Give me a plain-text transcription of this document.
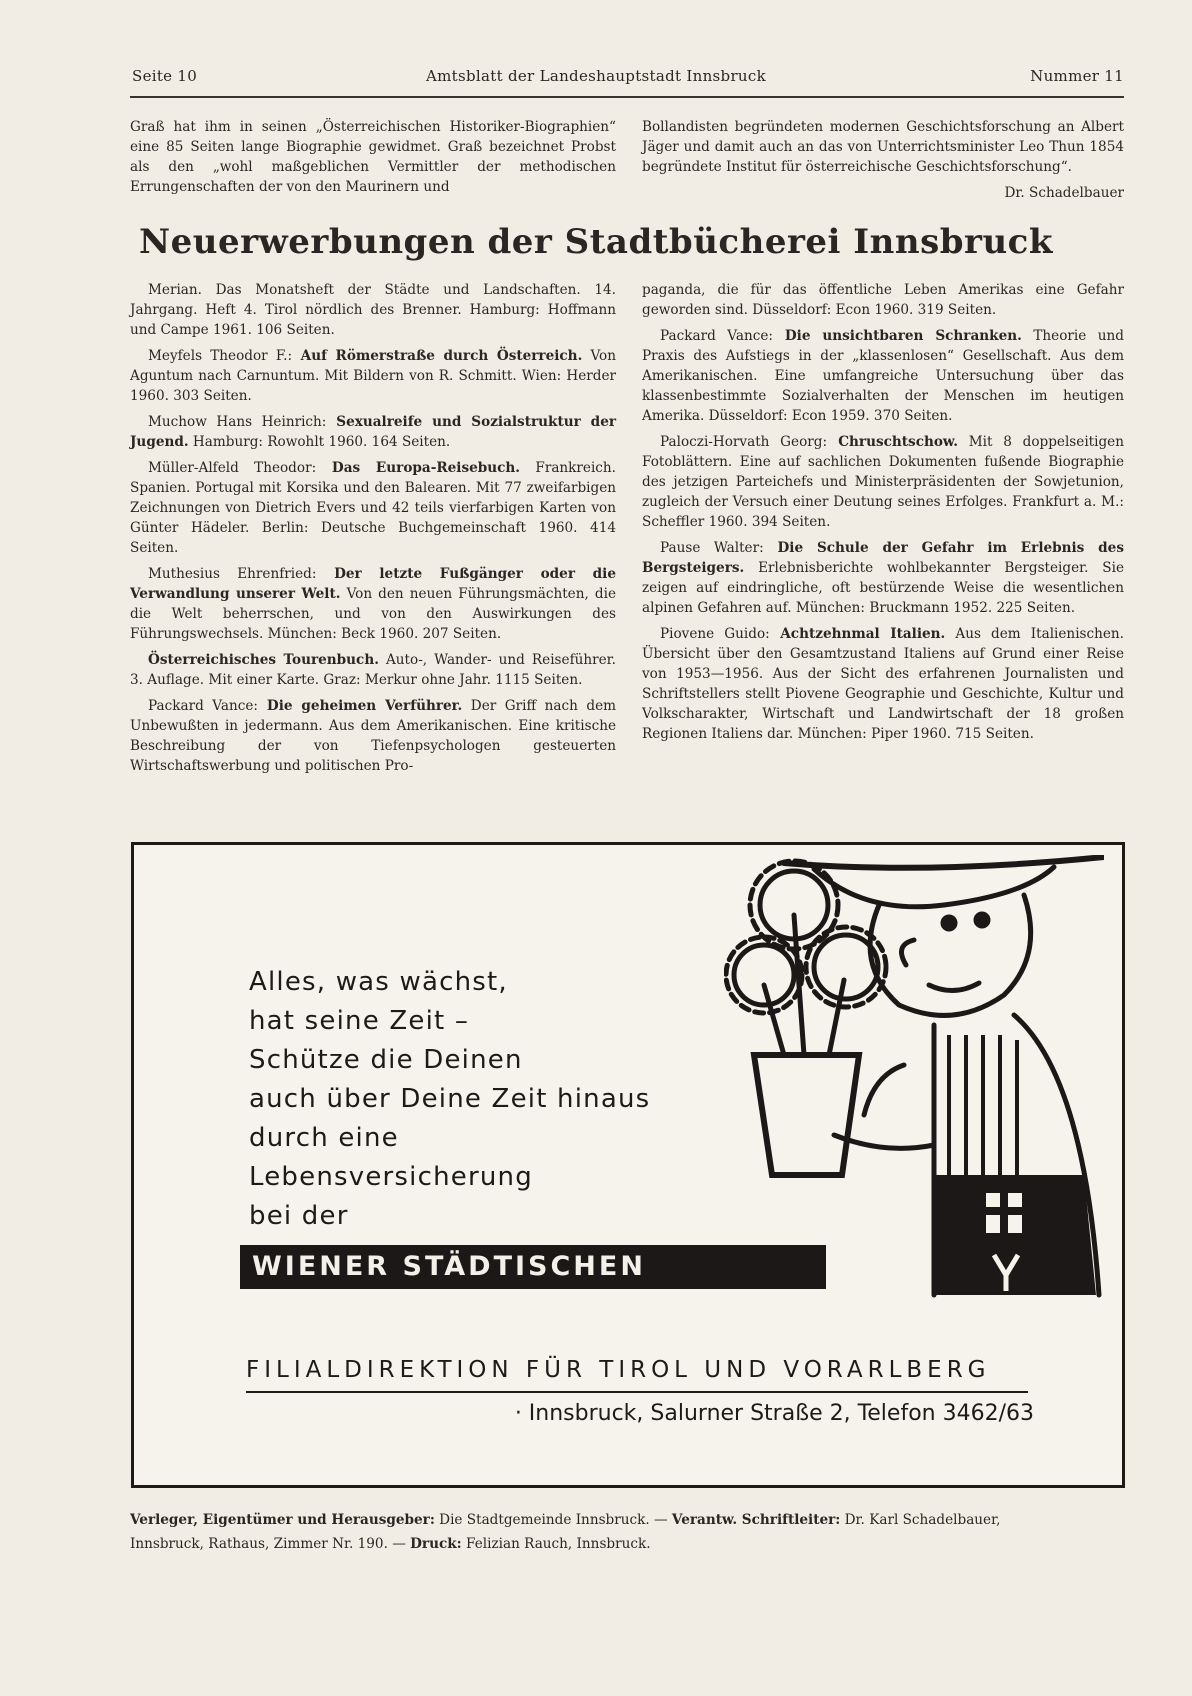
Seite 10	Amtsblatt der Landeshauptstadt Innsbruck	Nummer 11

Graß hat ihm in seinen „Österreichischen Historiker-Biographien“ eine 85 Seiten lange Biographie gewidmet. Graß bezeichnet Probst als den „wohl maßgeblichen Vermittler der methodischen Errungenschaften der von den Maurinern und

Bollandisten begründeten modernen Geschichtsforschung an Albert Jäger und damit auch an das von Unterrichtsminister Leo Thun 1854 begründete Institut für österreichische Geschichtsforschung“.

Dr. Schadelbauer
Neuerwerbungen der Stadtbücherei Innsbruck

Merian. Das Monatsheft der Städte und Landschaften. 14. Jahrgang. Heft 4. Tirol nördlich des Brenner. Hamburg: Hoffmann und Campe 1961. 106 Seiten.

Meyfels Theodor F.: Auf Römerstraße durch Österreich. Von Aguntum nach Carnuntum. Mit Bildern von R. Schmitt. Wien: Herder 1960. 303 Seiten.

Muchow Hans Heinrich: Sexualreife und Sozialstruktur der Jugend. Hamburg: Rowohlt 1960. 164 Seiten.

Müller-Alfeld Theodor: Das Europa-Reisebuch. Frankreich. Spanien. Portugal mit Korsika und den Balearen. Mit 77 zweifarbigen Zeichnungen von Dietrich Evers und 42 teils vierfarbigen Karten von Günter Hädeler. Berlin: Deutsche Buchgemeinschaft 1960. 414 Seiten.

Muthesius Ehrenfried: Der letzte Fußgänger oder die Verwandlung unserer Welt. Von den neuen Führungsmächten, die die Welt beherrschen, und von den Auswirkungen des Führungswechsels. München: Beck 1960. 207 Seiten.

Österreichisches Tourenbuch. Auto-, Wander- und Reiseführer. 3. Auflage. Mit einer Karte. Graz: Merkur ohne Jahr. 1115 Seiten.

Packard Vance: Die geheimen Verführer. Der Griff nach dem Unbewußten in jedermann. Aus dem Amerikanischen. Eine kritische Beschreibung der von Tiefenpsychologen gesteuerten Wirtschaftswerbung und politischen Pro-

paganda, die für das öffentliche Leben Amerikas eine Gefahr geworden sind. Düsseldorf: Econ 1960. 319 Seiten.

Packard Vance: Die unsichtbaren Schranken. Theorie und Praxis des Aufstiegs in der „klassenlosen“ Gesellschaft. Aus dem Amerikanischen. Eine umfangreiche Untersuchung über das klassenbestimmte Sozialverhalten der Menschen im heutigen Amerika. Düsseldorf: Econ 1959. 370 Seiten.

Paloczi-Horvath Georg: Chruschtschow. Mit 8 doppelseitigen Fotoblättern. Eine auf sachlichen Dokumenten fußende Biographie des jetzigen Parteichefs und Ministerpräsidenten der Sowjetunion, zugleich der Versuch einer Deutung seines Erfolges. Frankfurt a. M.: Scheffler 1960. 394 Seiten.

Pause Walter: Die Schule der Gefahr im Erlebnis des Bergsteigers. Erlebnisberichte wohlbekannter Bergsteiger. Sie zeigen auf eindringliche, oft bestürzende Weise die wesentlichen alpinen Gefahren auf. München: Bruckmann 1952. 225 Seiten.

Piovene Guido: Achtzehnmal Italien. Aus dem Italienischen. Übersicht über den Gesamtzustand Italiens auf Grund einer Reise von 1953—1956. Aus der Sicht des erfahrenen Journalisten und Schriftstellers stellt Piovene Geographie und Geschichte, Kultur und Volkscharakter, Wirtschaft und Landwirtschaft der 18 großen Regionen Italiens dar. München: Piper 1960. 715 Seiten.

Alles, was wächst,
hat seine Zeit –
Schütze die Deinen
auch über Deine Zeit hinaus
durch eine
Lebensversicherung
bei der
WIENER STÄDTISCHEN
FILIALDIREKTION FÜR TIROL UND VORARLBERG
· Innsbruck, Salurner Straße 2, Telefon 3462/63
Verleger, Eigentümer und Herausgeber: Die Stadtgemeinde Innsbruck. — Verantw. Schriftleiter: Dr. Karl Schadelbauer,
Innsbruck, Rathaus, Zimmer Nr. 190. — Druck: Felizian Rauch, Innsbruck.
